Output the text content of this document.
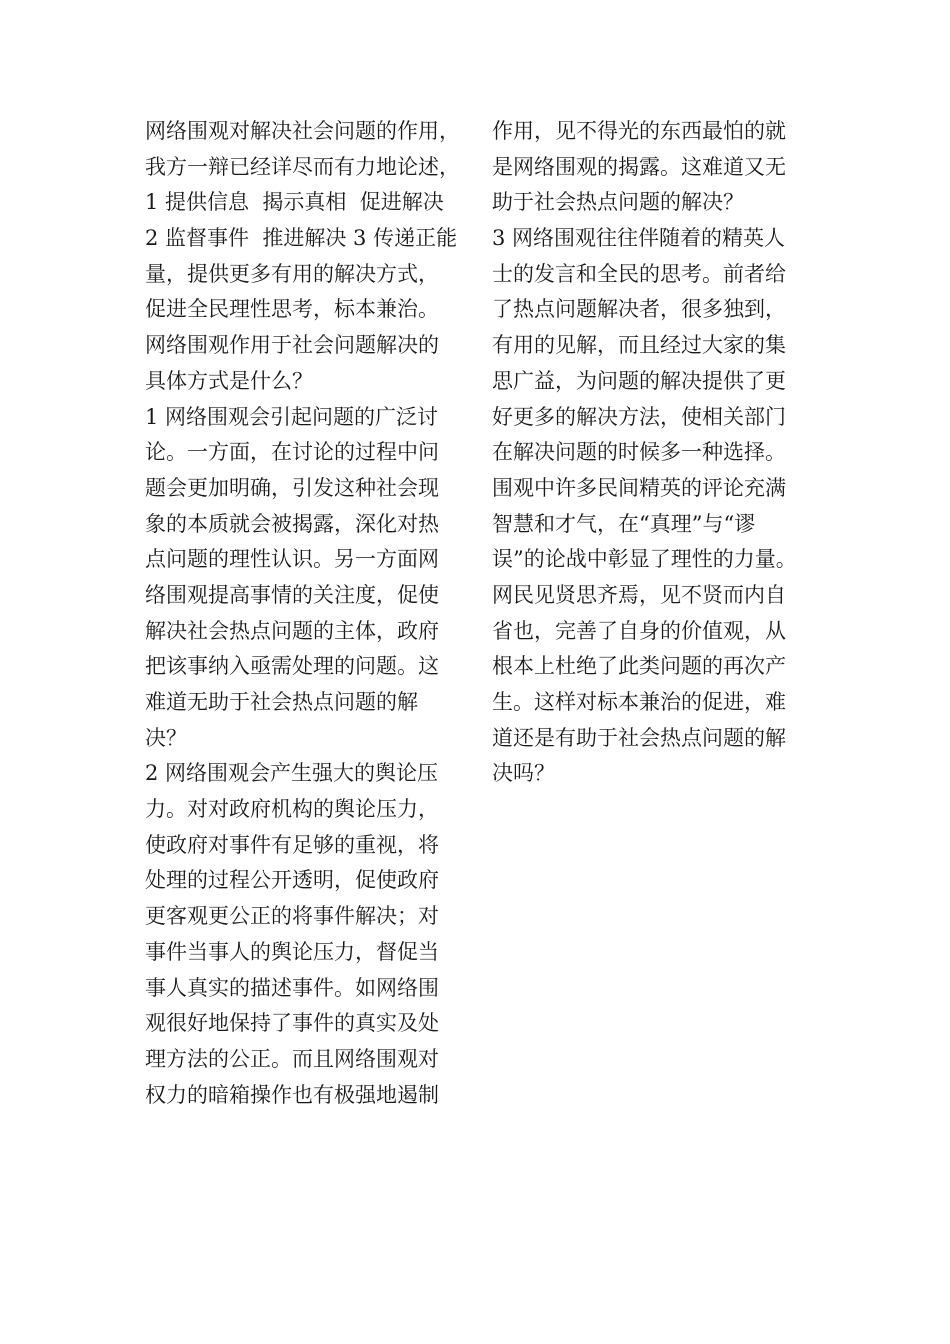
网络围观对解决社会问题的作用，
我方一辩已经详尽而有力地论述，
1 提供信息  揭示真相  促进解决
2 监督事件  推进解决 3 传递正能
量，提供更多有用的解决方式，
促进全民理性思考，标本兼治。
网络围观作用于社会问题解决的
具体方式是什么？
1 网络围观会引起问题的广泛讨
论。一方面，在讨论的过程中问
题会更加明确，引发这种社会现
象的本质就会被揭露，深化对热
点问题的理性认识。另一方面网
络围观提高事情的关注度，促使
解决社会热点问题的主体，政府
把该事纳入亟需处理的问题。这
难道无助于社会热点问题的解
决？
2 网络围观会产生强大的舆论压
力。对对政府机构的舆论压力，
使政府对事件有足够的重视，将
处理的过程公开透明，促使政府
更客观更公正的将事件解决；对
事件当事人的舆论压力，督促当
事人真实的描述事件。如网络围
观很好地保持了事件的真实及处
理方法的公正。而且网络围观对
权力的暗箱操作也有极强地遏制
作用，见不得光的东西最怕的就
是网络围观的揭露。这难道又无
助于社会热点问题的解决？
3 网络围观往往伴随着的精英人
士的发言和全民的思考。前者给
了热点问题解决者，很多独到，
有用的见解，而且经过大家的集
思广益，为问题的解决提供了更
好更多的解决方法，使相关部门
在解决问题的时候多一种选择。
围观中许多民间精英的评论充满
智慧和才气，在“真理”与“谬
误”的论战中彰显了理性的力量。
网民见贤思齐焉，见不贤而内自
省也，完善了自身的价值观，从
根本上杜绝了此类问题的再次产
生。这样对标本兼治的促进，难
道还是有助于社会热点问题的解
决吗？
